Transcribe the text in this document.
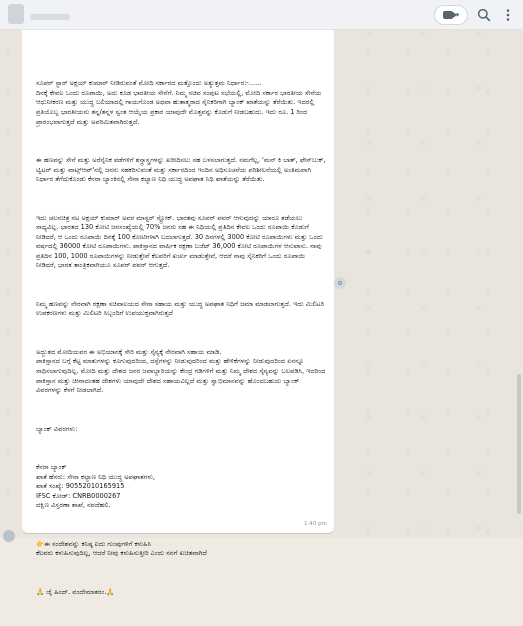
▾

ಸೂಪರ್ ಸ್ಟಾರ್ ಅಕ್ಷಯ್ ಕುಮಾರ್ ನೀಡಿರುವಂತೆ ಮೋದಿ ಸರ್ಕಾರದ ಮತ್ತೊಂದು ಅತ್ಯುತ್ತಮ ನಿರ್ಧಾರ:-......
ದಿನಕ್ಕೆ ಕೇವಲ ಒಂದು ರೂಪಾಯಿ, ಅದು ಕೂಡ ಭಾರತೀಯ ಸೇನೆಗೆ. ನಿಮ್ಮ ಸಚಿವ ಸಂಪುಟ ಸಭೆಯಲ್ಲಿ, ಮೋದಿ ಸರ್ಕಾರ ಭಾರತೀಯ ಸೇನೆಯ ಆಧುನೀಕರಣ ಮತ್ತು ಯುದ್ಧ ಬಲಿಯಾದಲ್ಲಿ ಗಾಯಗೊಂಡ ಅಥವಾ ಹುತಾತ್ಮರಾದ ಸೈನಿಕರಿಗಾಗಿ ಬ್ಯಾಂಕ್ ಖಾತೆಯನ್ನು ತೆರೆಯಿತು. ಇದರಲ್ಲಿ ಪ್ರತಿಯೊಬ್ಬ ಭಾರತೀಯನು ತನ್ನ/ತನ್ನಳ ಸ್ವಂತ ಆಯ್ಕೆಯ ಪ್ರಕಾರ ಯಾವುದೇ ಮೊತ್ತವನ್ನು ಕೊಡುಗೆ ನೀಡಬಹುದು. ಇದು ರೂ. 1 ರಿಂದ ಪ್ರಾರಂಭವಾಗುತ್ತದೆ ಮತ್ತು ಅಪರಿಮಿತವಾಗಿರುತ್ತದೆ.

ಈ ಹಣವನ್ನು ಸೇನೆ ಮತ್ತು ಅರೆಸೈನಿಕ ಪಡೆಗಳಿಗೆ ಶಸ್ತ್ರಾಸ್ತ್ರಗಳನ್ನು ಖರೀದಿಸಲು ಸಹ ಬಳಸಲಾಗುತ್ತದೆ. ನಮಗೆಲ್ಲ, 'ಮನ್ ಕಿ ಬಾತ್, ಫೇಸ್‌ಬುಕ್, ಟ್ವಿಟರ್ ಮತ್ತು ವಾಟ್ಸ್‌ಆಪ್'ನಲ್ಲಿ ಜನರು ಸಹಕರಿಸುವಂತೆ ಮತ್ತು ಸರ್ಕಾರದಿಂದ ಇಂದಿನ ಅಧಿಸೂಚನೆಯ ಪರಿಶೀಲನೆಯಲ್ಲಿ ಅಂತಿಮವಾಗಿ ನಿರ್ಧಾರ ತೆಗೆದುಕೊಂಡು ಕೆನರಾ ಬ್ಯಾಂಕಿನಲ್ಲಿ ಸೇನಾ ಕಲ್ಯಾಣ ನಿಧಿ ಯುದ್ಧ ಅಪಘಾತ ನಿಧಿ ಖಾತೆಯನ್ನು ತೆರೆಯಿತು.

ಇದು ಚಲನಚಿತ್ರ ನಟ ಅಕ್ಷಯ್ ಕುಮಾರ್ ಅವರ ಮಾಸ್ಟರ್ ಸ್ಟ್ರೋಕ್. ಭಾರತವು ಸೂಪರ್ ಪವರ್ ಆಗುವುದನ್ನು ಯಾರೂ ತಡೆಯಲು ಸಾಧ್ಯವಿಲ್ಲ. ಭಾರತದ 130 ಕೋಟಿ ಜನಸಂಖ್ಯೆಯಲ್ಲಿ 70% ಜನರು ಸಹ ಈ ನಿಧಿಯಲ್ಲಿ ಪ್ರತಿದಿನ ಕೇವಲ ಒಂದು ರೂಪಾಯಿ ಕೊಡುಗೆ ನೀಡಿದರೆ, ಆ ಒಂದು ರೂಪಾಯಿ ದಿನಕ್ಕೆ 100 ಕೋಟಿಗಳಾಗಿ ಬದಲಾಗುತ್ತದೆ. 30 ದಿನಗಳಲ್ಲಿ 3000 ಕೋಟಿ ರೂಪಾಯಿಗಳು ಮತ್ತು ಒಂದು ವರ್ಷದಲ್ಲಿ 36000 ಕೋಟಿ ರೂಪಾಯಿಗಳು. ಪಾಕಿಸ್ತಾನದ ವಾರ್ಷಿಕ ರಕ್ಷಣಾ ಬಜೆಟ್ 36,000 ಕೋಟಿ ರೂಪಾಯಿಗಳ ಆಸುಪಾಸು. ನಾವು ಪ್ರತಿದಿನ 100, 1000 ರೂಪಾಯಿಗಳನ್ನು ನೀಡುತ್ತೇವೆ ಕೆಲವರಿಗೆ ಖರ್ಚು ಮಾಡುತ್ತೇವೆ, ಆದರೆ ನಾವು ಸೈನಿಕರಿಗೆ ಒಂದು ರೂಪಾಯಿ ನೀಡಿದರೆ, ಭಾರತ ತಾಂತ್ರಿಕವಾಗಿಯೂ ಸೂಪರ್ ಪವರ್ ಆಗುತ್ತದೆ.

ನಿಮ್ಮ ಹಣವನ್ನು ನೇರವಾಗಿ ರಕ್ಷಣಾ ಸಚಿವಾಲಯದ ಸೇನಾ ಸಹಾಯ ಮತ್ತು ಯುದ್ಧ ಅಪಘಾತ ನಿಧಿಗೆ ಜಮಾ ಮಾಡಲಾಗುತ್ತದೆ. ಇದು ಮಿಲಿಟರಿ ಉಪಕರಣಗಳು ಮತ್ತು ಮಿಲಿಟರಿ ಸಿಬ್ಬಂದಿಗೆ ಉಪಯುಕ್ತವಾಗಿರುತ್ತದೆ

ಅದ್ಭುತದ ಮೋದಿಯವರ ಈ ಅಭಿಯಾನಕ್ಕೆ ಸೇರಿ ಮತ್ತು ಸೈನ್ಯಕ್ಕೆ ನೇರವಾಗಿ ಸಹಾಯ ಮಾಡಿ.
ಪಾಕಿಸ್ತಾನದ ಬಗ್ಗೆ ಕೆಟ್ಟ ಮಾತುಗಳನ್ನು ಕೂಗುವುದರಿಂದ, ದಸ್ಪೆಗಳನ್ನು ನೀಡುವುದರಿಂದ ಮತ್ತು ಹೇಳಿಕೆಗಳನ್ನು ನೀಡುವುದರಿಂದ ಏನನ್ನೂ ಸಾಧಿಸಲಾಗುವುದಿಲ್ಲ. ಮೋದಿ ಮತ್ತು ದೇಶದ ಜನರ ಜವಾಬ್ದಾರಿಯನ್ನು ಕೇಂದ್ರ ಗಡಿಗಳಿಗೆ ಮತ್ತು ನಿಮ್ಮ ದೇಶದ ಸೈನ್ಯವನ್ನು ಬಲಪಡಿಸಿ, ಇದರಿಂದ ಪಾಕಿಸ್ತಾನ ಮತ್ತು ಚೀನಾದಂತಹ ದೇಶಗಳು ಯಾವುದೇ ದೇಶದ ಸಹಾಯವಿಲ್ಲದೆ ಮತ್ತು ಸ್ವಾಭಿಮಾನವನ್ನು ಹೊಂದಬಹುದು ಬ್ಯಾಂಕ್ ವಿವರಗಳನ್ನು ಕೆಳಗೆ ನೀಡಲಾಗಿದೆ.

ಬ್ಯಾಂಕ್ ವಿವರಗಳು:

ಕೆನರಾ ಬ್ಯಾಂಕ್
ಖಾತೆ ಹೆಸರು: ಸೇನಾ ಕಲ್ಯಾಣ ನಿಧಿ ಯುದ್ಧ ಅಪಘಾತಗಳು,
ಖಾತೆ ಸಂಖ್ಯೆ: 90552010165915
IFSC ಕೋಡ್: CNRB0000267
ದಕ್ಷಿಣ ವಿಸ್ತರಣಾ ಶಾಖೆ, ನವದೆಹಲಿ.

👉ಈ ಸಂದೇಶವನ್ನು ಕನಿಷ್ಠ ಐದು ಗುಂಪುಗಳಿಗೆ ಕಳುಹಿಸಿ
ಕೆಲವರು ಕಳುಹಿಸುವುದಿಲ್ಲ, ಆದರೆ ನೀವು ಕಳುಹಿಸುತ್ತೀರಿ ಎಂದು ನನಗೆ ಖಚಿತವಾಗಿದೆ

🙏 ಜೈ ಹಿಂದ್. ವಂದೇಮಾತರಂ.🙏

1:40 pm
